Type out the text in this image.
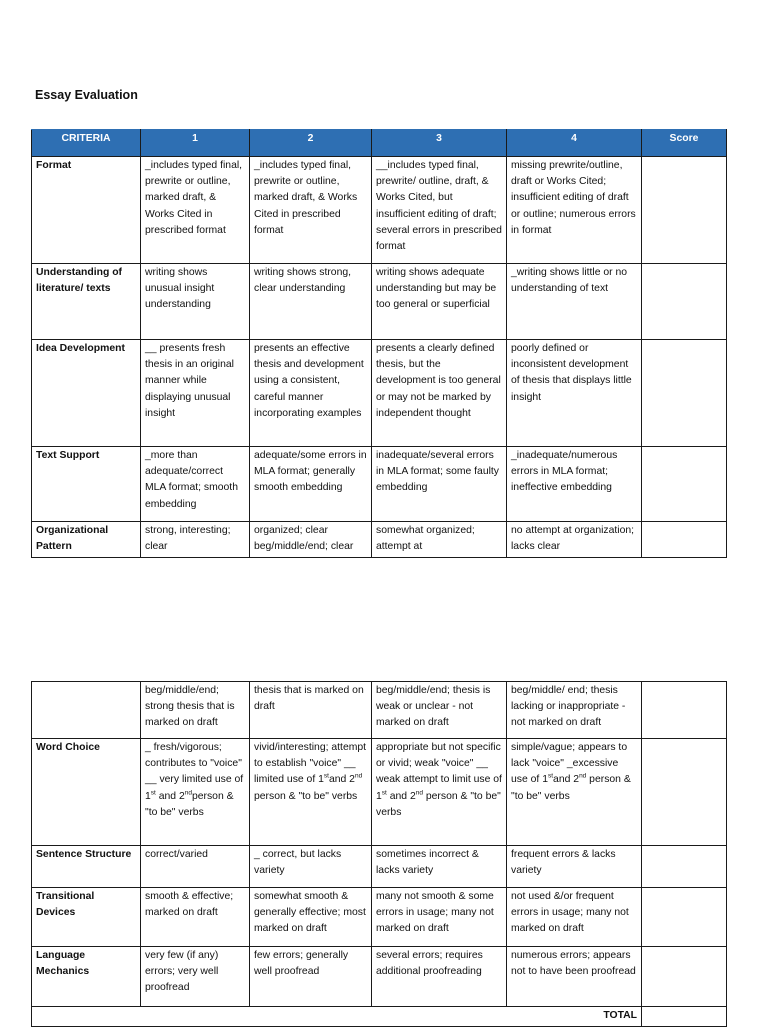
Essay Evaluation
CRITERIA	1	2	3	4	Score
Format	_includes typed final, prewrite or outline, marked draft, & Works Cited in prescribed format	_includes typed final, prewrite or outline, marked draft, & Works Cited in prescribed format	__includes typed final, prewrite/ outline, draft, & Works Cited, but insufficient editing of draft; several errors in prescribed format	missing prewrite/outline, draft or Works Cited; insufficient editing of draft or outline; numerous errors in format	
Understanding of literature/ texts	writing shows unusual insight understanding	writing shows strong, clear understanding	writing shows adequate understanding but may be too general or superficial	_writing shows little or no understanding of text	
Idea Development	__ presents fresh thesis in an original manner while displaying unusual insight	presents an effective thesis and development using a consistent, careful manner incorporating examples	presents a clearly defined thesis, but the development is too general or may not be marked by independent thought	poorly defined or inconsistent development of thesis that displays little insight	
Text Support	_more than adequate/correct MLA format; smooth embedding	adequate/some errors in MLA format; generally smooth embedding	inadequate/several errors in MLA format; some faulty embedding	_inadequate/numerous errors in MLA format; ineffective embedding	
Organizational Pattern	strong, interesting; clear	organized; clear beg/middle/end; clear	somewhat organized; attempt at	no attempt at organization; lacks clear	
	beg/middle/end; strong thesis that is marked on draft	thesis that is marked on draft	beg/middle/end; thesis is weak or unclear - not marked on draft	beg/middle/ end; thesis lacking or inappropriate - not marked on draft	
Word Choice	_ fresh/vigorous; contributes to "voice" __ very limited use of 1st and 2ndperson & "to be" verbs	vivid/interesting; attempt to establish "voice" __ limited use of 1stand 2nd person & "to be" verbs	appropriate but not specific or vivid; weak "voice" __ weak attempt to limit use of 1st and 2nd person & "to be" verbs	simple/vague; appears to lack "voice" _excessive use of 1stand 2nd person & "to be" verbs	
Sentence Structure	correct/varied	_ correct, but lacks variety	sometimes incorrect & lacks variety	frequent errors & lacks variety	
Transitional Devices	smooth & effective; marked on draft	somewhat smooth & generally effective; most marked on draft	many not smooth & some errors in usage; many not marked on draft	not used &/or frequent errors in usage; many not marked on draft	
Language Mechanics	very few (if any) errors; very well proofread	few errors; generally well proofread	several errors; requires additional proofreading	numerous errors; appears not to have been proofread	
TOTAL					
